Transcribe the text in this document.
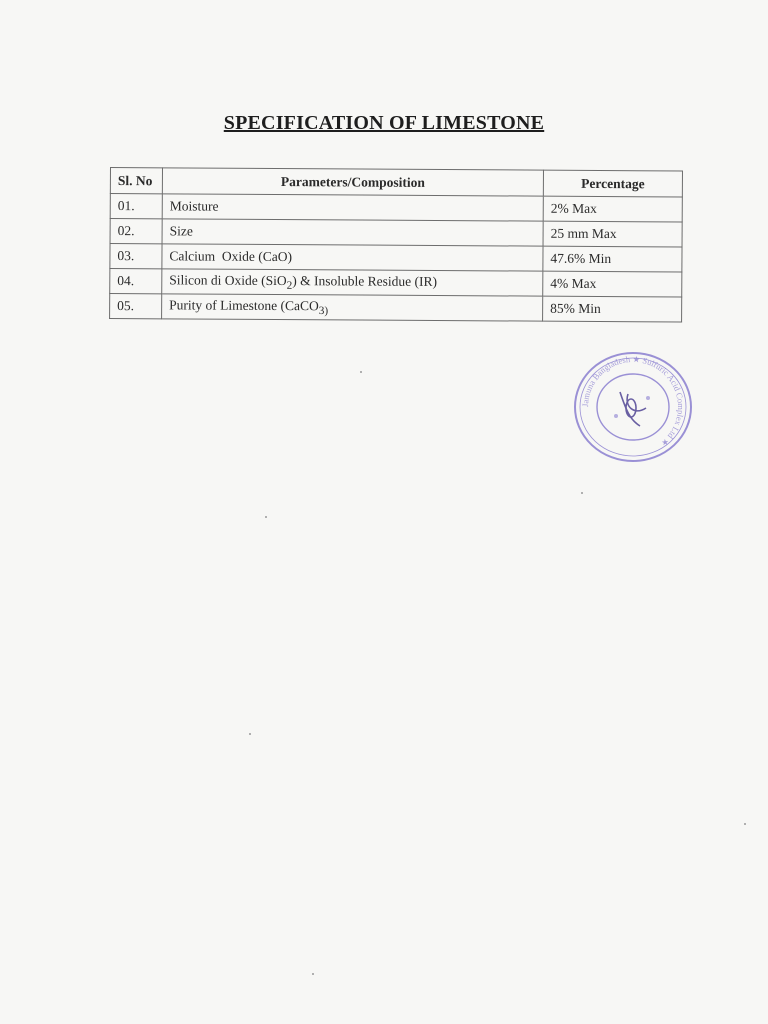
SPECIFICATION OF LIMESTONE
Sl. No	Parameters/Composition	Percentage
01.	Moisture	2% Max
02.	Size	25 mm Max
03.	Calcium  Oxide (CaO)	47.6% Min
04.	Silicon di Oxide (SiO$_2$) & Insoluble Residue (IR)	4% Max
05.	Purity of Limestone (CaCO$_{3)}$	85% Min
Jamuna Bangladesh ★ Sulfuric Acid Complex Ltd ★
